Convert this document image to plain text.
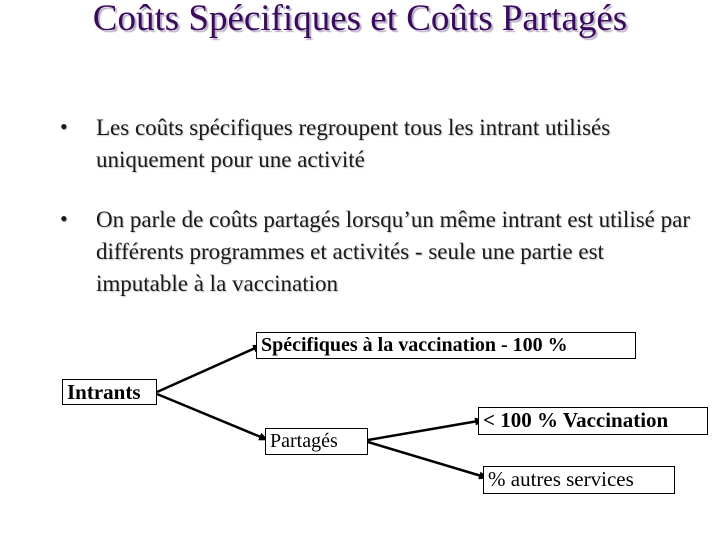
Coûts Spécifiques et Coûts Partagés
• Les coûts spécifiques regroupent tous les intrant utilisés uniquement pour une activité
• On parle de coûts partagés lorsqu’un même intrant est utilisé par différents programmes et activités - seule une partie est imputable à la vaccination
Spécifiques à la vaccination - 100 %
Intrants
Partagés
< 100 % Vaccination
% autres services
